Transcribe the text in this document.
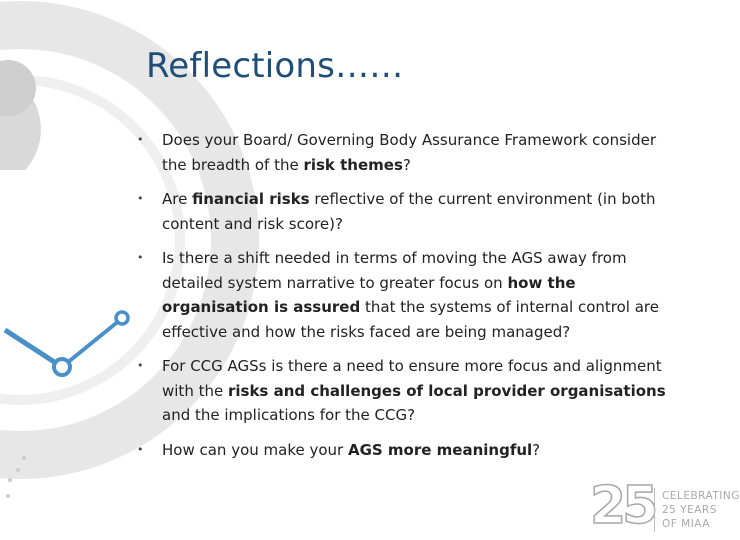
Reflections……
• Does your Board/ Governing Body Assurance Framework consider the breadth of the risk themes?
• Are financial risks reflective of the current environment (in both content and risk score)?
• Is there a shift needed in terms of moving the AGS away from detailed system narrative to greater focus on how the organisation is assured that the systems of internal control are effective and how the risks faced are being managed?
• For CCG AGSs is there a need to ensure more focus and alignment with the risks and challenges of local provider organisations and the implications for the CCG?
• How can you make your AGS more meaningful?
25 CELEBRATING
25 YEARS
OF MIAA
